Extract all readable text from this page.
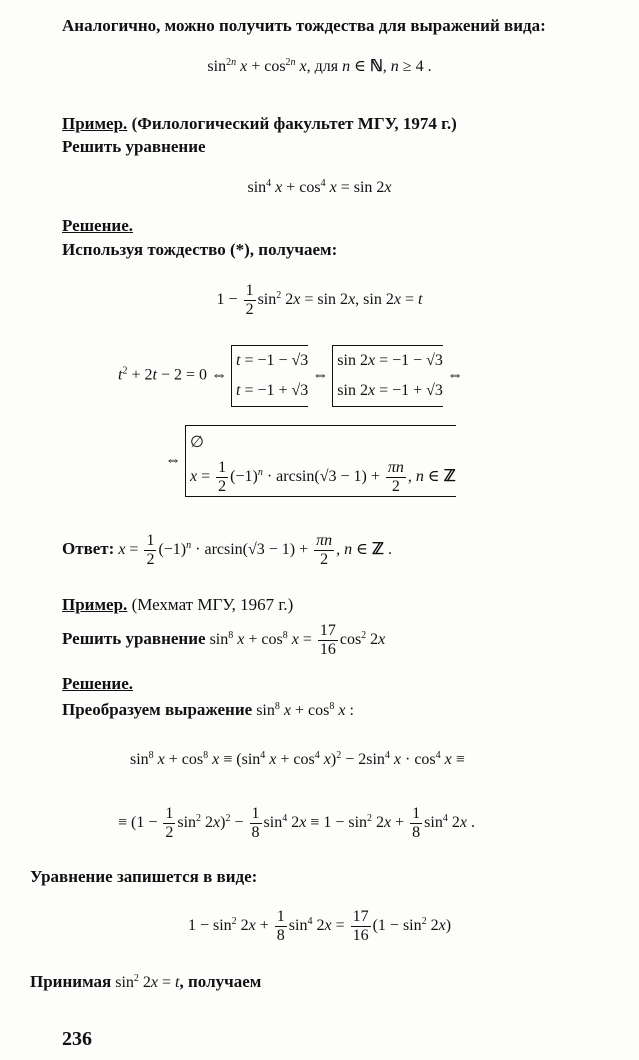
Аналогично, можно получить тождества для выражений вида:
$\sin^{2n} x + \cos^{2n} x$, для n ∈ ℕ, n ≥ 4 .
Пример. (Филологический факультет МГУ, 1974 г.)
Решить уравнение
$\sin^4 x + \cos^4 x = \sin 2x$
Решение.
Используя тождество (*), получаем:
$1 - \frac{1}{2} \sin^2 2x = \sin 2x$, sin 2x = t
$t^2 + 2t - 2 = 0$ ⇔
t = −1 − √3
t = −1 + √3
⇔
sin 2x = −1 − √3
sin 2x = −1 + √3
⇔
⇔
∅
$x = \frac{1}{2} (-1)^n \cdot \arcsin(√3 - 1) + \frac{\pi n}{2}$ , n ∈ ℤ
Ответ: $x = \frac{1}{2} (-1)^n \cdot \arcsin(√3 - 1) + \frac{\pi n}{2}$ , n ∈ ℤ .
Пример. (Мехмат МГУ, 1967 г.)
Решить уравнение $\sin^8 x + \cos^8 x = \frac{17}{16} \cos^2 2x$
Решение.
Преобразуем выражение $\sin^8 x + \cos^8 x$ :
$\sin^8 x + \cos^8 x \equiv (\sin^4$ $x + \cos^4 x)^2 - 2\sin^4$ $x \cdot \cos^4 x$ ≡
≡ $(1 - \frac{1}{2} \sin^2 2x)^2 - \frac{1}{8} \sin^4 2x \equiv 1 - \sin^2 2x + \frac{1}{8} \sin^4 2x$ .
Уравнение запишется в виде:
$1 - \sin^2 2x + \frac{1}{8} \sin^4 2x = \frac{17}{16} (1 - \sin^2 2x)$
Принимая $\sin^2 2x = t$, получаем
236
